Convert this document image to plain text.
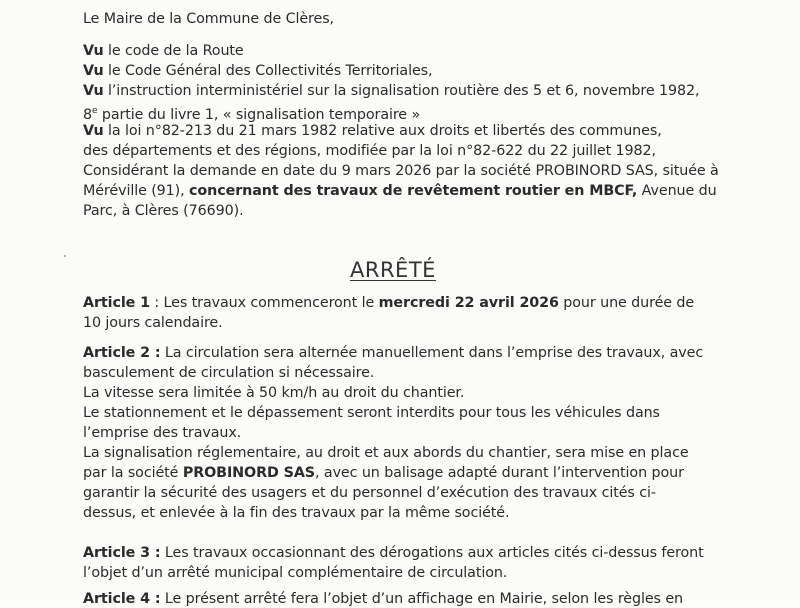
Le Maire de la Commune de Clères,
Vu le code de la Route
Vu le Code Général des Collectivités Territoriales,
Vu l’instruction interministériel sur la signalisation routière des 5 et 6, novembre 1982,
8e partie du livre 1, « signalisation temporaire »
Vu la loi n°82-213 du 21 mars 1982 relative aux droits et libertés des communes,
des départements et des régions, modifiée par la loi n°82-622 du 22 juillet 1982,
Considérant la demande en date du 9 mars 2026 par la société PROBINORD SAS, située à
Méréville (91), concernant des travaux de revêtement routier en MBCF, Avenue du
Parc, à Clères (76690).
ARRÊTÉ
Article 1 : Les travaux commenceront le mercredi 22 avril 2026 pour une durée de
10 jours calendaire.
Article 2 : La circulation sera alternée manuellement dans l’emprise des travaux, avec
basculement de circulation si nécessaire.
La vitesse sera limitée à 50 km/h au droit du chantier.
Le stationnement et le dépassement seront interdits pour tous les véhicules dans
l’emprise des travaux.
La signalisation réglementaire, au droit et aux abords du chantier, sera mise en place
par la société PROBINORD SAS, avec un balisage adapté durant l’intervention pour
garantir la sécurité des usagers et du personnel d’exécution des travaux cités ci-
dessus, et enlevée à la fin des travaux par la même société.
Article 3 : Les travaux occasionnant des dérogations aux articles cités ci-dessus feront
l’objet d’un arrêté municipal complémentaire de circulation.
Article 4 : Le présent arrêté fera l’objet d’un affichage en Mairie, selon les règles en
